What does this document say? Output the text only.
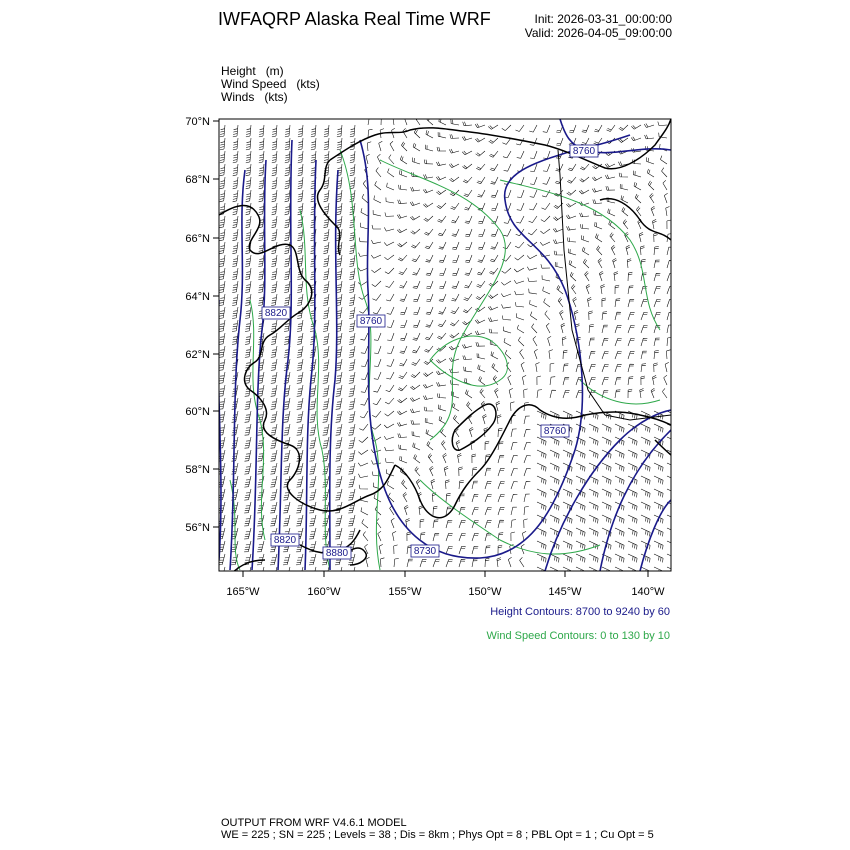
IWFAQRP Alaska Real Time WRF	Init: 2026-03-31_00:00:00
Valid: 2026-04-05_09:00:00
Height   (m)
Wind Speed   (kts)
Winds   (kts)
70°N
68°N
66°N
64°N
62°N
60°N
58°N
56°N
165°W	160°W	155°W	150°W	145°W	140°W
8760
8820
8760
8760
8820
8880	8730
Height Contours: 8700 to 9240 by 60
Wind Speed Contours: 0 to 130 by 10
OUTPUT FROM WRF V4.6.1 MODEL
WE = 225 ; SN = 225 ; Levels = 38 ; Dis = 8km ; Phys Opt = 8 ; PBL Opt = 1 ; Cu Opt = 5
